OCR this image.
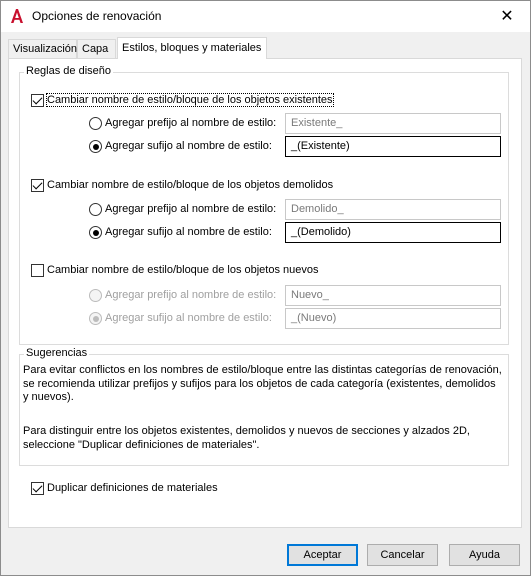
Opciones de renovación	✕
Visualización Capa	Estilos, bloques y materiales
Reglas de diseño
Cambiar nombre de estilo/bloque de los objetos existentes
Agregar prefijo al nombre de estilo:	Existente_
Agregar sufijo al nombre de estilo:	_(Existente)
Cambiar nombre de estilo/bloque de los objetos demolidos
Agregar prefijo al nombre de estilo:	Demolido_
Agregar sufijo al nombre de estilo:	_(Demolido)
Cambiar nombre de estilo/bloque de los objetos nuevos
Agregar prefijo al nombre de estilo:	Nuevo_
Agregar sufijo al nombre de estilo:	_(Nuevo)
Sugerencias
Para evitar conflictos en los nombres de estilo/bloque entre las distintas categorías de renovación,
se recomienda utilizar prefijos y sufijos para los objetos de cada categoría (existentes, demolidos
y nuevos).
Para distinguir entre los objetos existentes, demolidos y nuevos de secciones y alzados 2D,
seleccione "Duplicar definiciones de materiales".
Duplicar definiciones de materiales
Aceptar	Cancelar	Ayuda
